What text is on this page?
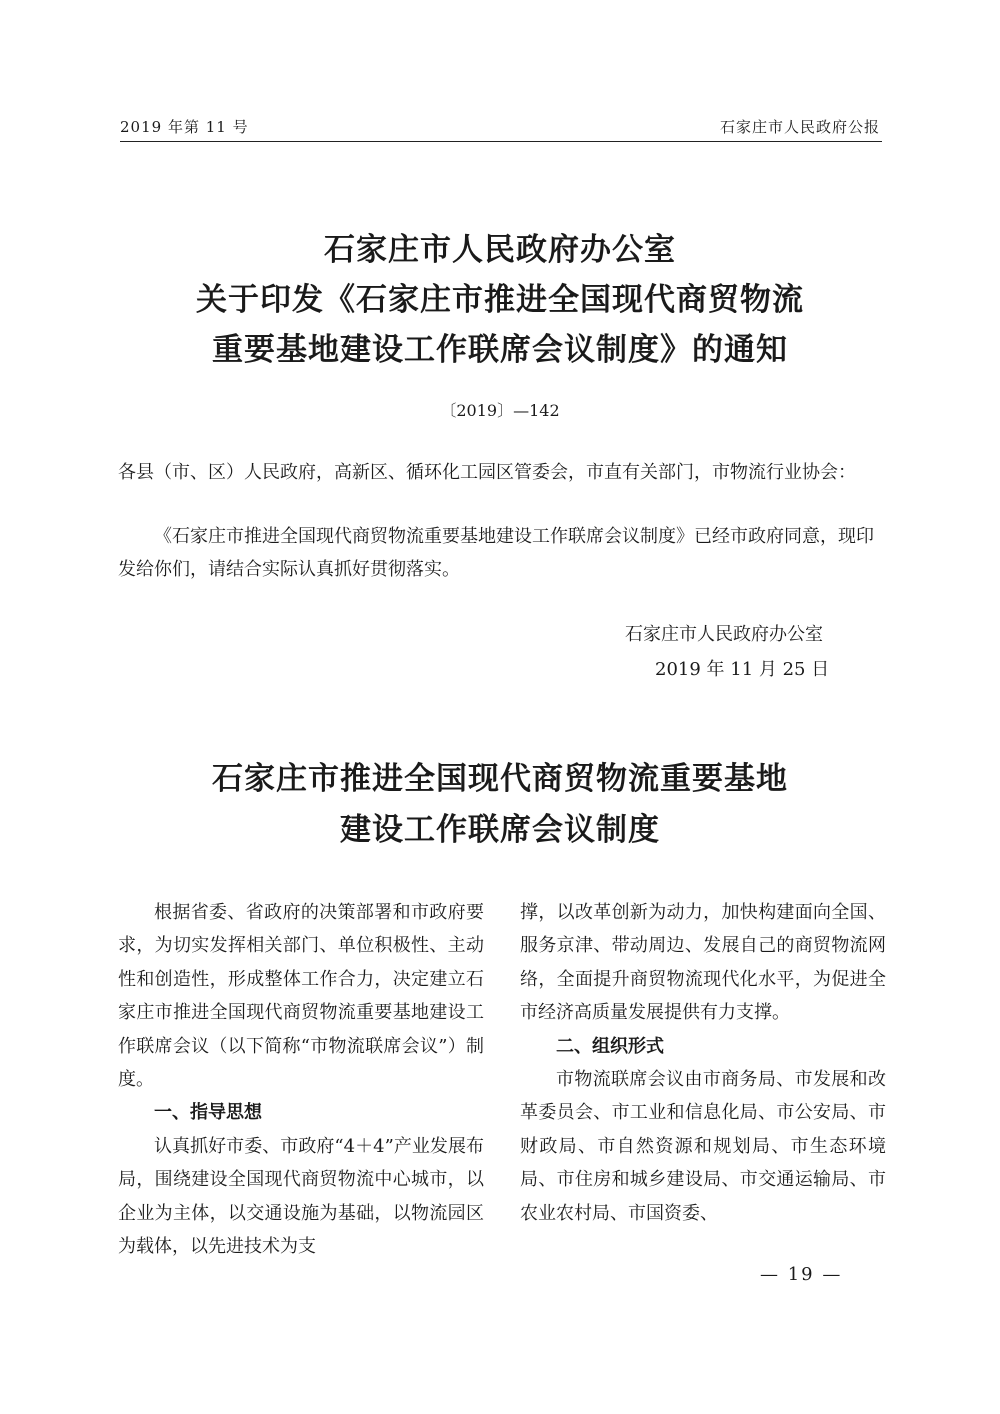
2019 年第 11 号	石家庄市人民政府公报
石家庄市人民政府办公室
关于印发《石家庄市推进全国现代商贸物流
重要基地建设工作联席会议制度》的通知
〔2019〕—142
各县（市、区）人民政府，高新区、循环化工园区管委会，市直有关部门，市物流行业协会：
《石家庄市推进全国现代商贸物流重要基地建设工作联席会议制度》已经市政府同意，现印发给你们，请结合实际认真抓好贯彻落实。
石家庄市人民政府办公室
2019 年 11 月 25 日
石家庄市推进全国现代商贸物流重要基地
建设工作联席会议制度

根据省委、省政府的决策部署和市政府要求，为切实发挥相关部门、单位积极性、主动性和创造性，形成整体工作合力，决定建立石家庄市推进全国现代商贸物流重要基地建设工作联席会议（以下简称“市物流联席会议”）制度。

一、指导思想

认真抓好市委、市政府“4＋4”产业发展布局，围绕建设全国现代商贸物流中心城市，以企业为主体，以交通设施为基础，以物流园区为载体，以先进技术为支

撑，以改革创新为动力，加快构建面向全国、服务京津、带动周边、发展自己的商贸物流网络，全面提升商贸物流现代化水平，为促进全市经济高质量发展提供有力支撑。

二、组织形式

市物流联席会议由市商务局、市发展和改革委员会、市工业和信息化局、市公安局、市财政局、市自然资源和规划局、市生态环境局、市住房和城乡建设局、市交通运输局、市农业农村局、市国资委、

— 19 —
